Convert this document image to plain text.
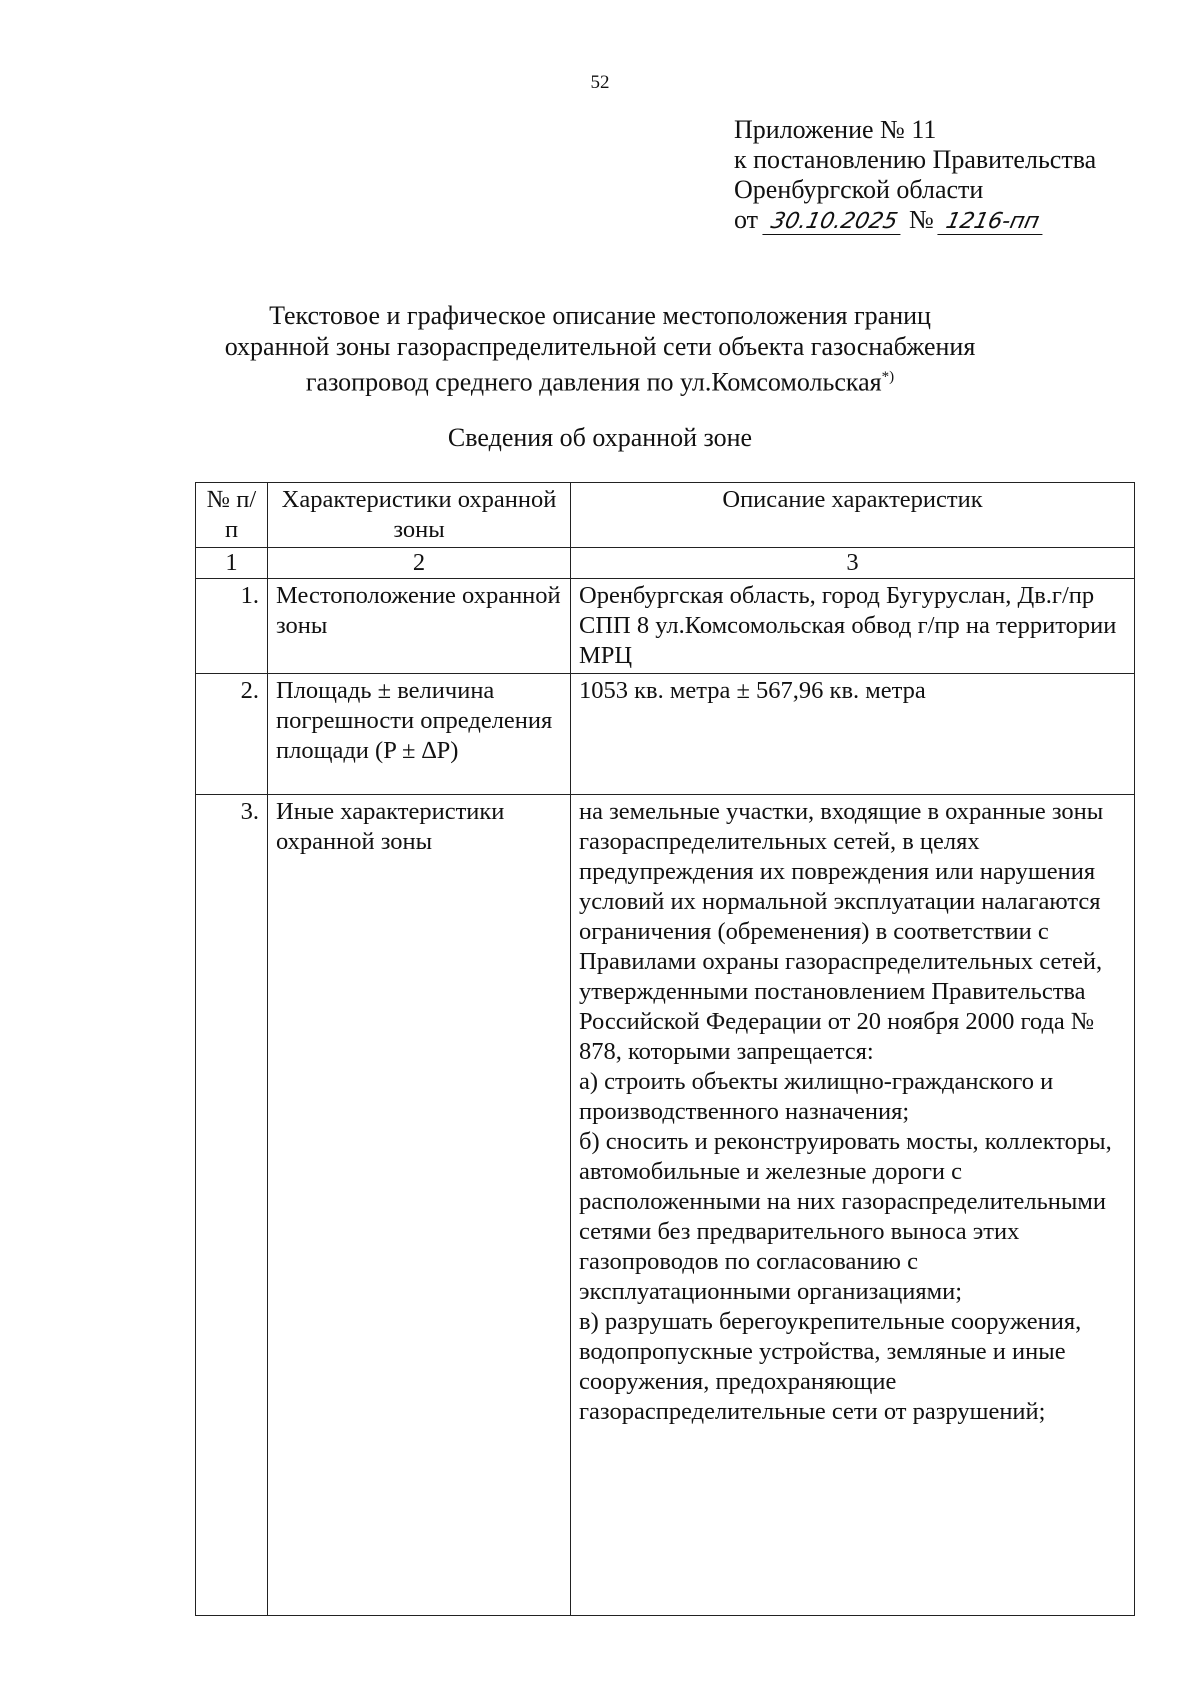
52
Приложение № 11
к постановлению Правительства
Оренбургской области
от 30.10.2025 № 1216-пп
Текстовое и графическое описание местоположения границ
охранной зоны газораспределительной сети объекта газоснабжения
газопровод среднего давления по ул.Комсомольская*)
Сведения об охранной зоне
№ п/п	Характеристики охранной зоны	Описание характеристик
1	2	3
1.	Местоположение охранной зоны	Оренбургская область, город Бугуруслан, Дв.г/пр СПП 8 ул.Комсомольская обвод г/пр на территории МРЦ

2.	Площадь ± величина погрешности определения площади (P ± ∆P)	1053 кв. метра ± 567,96 кв. метра

3.	Иные характеристики охранной зоны	на земельные участки, входящие в охранные зоны газораспределительных сетей, в целях предупреждения их повреждения или нарушения условий их нормальной эксплуатации налагаются ограничения (обременения) в соответствии с Правилами охраны газораспределительных сетей, утвержденными постановлением Правительства Российской Федерации от 20 ноября 2000 года № 878, которыми запрещается:
а) строить объекты жилищно-гражданского и производственного назначения;
б) сносить и реконструировать мосты, коллекторы, автомобильные и железные дороги с расположенными на них газораспределительными сетями без предварительного выноса этих газопроводов по согласованию с эксплуатационными организациями;
в) разрушать берегоукрепительные сооружения, водопропускные устройства, земляные и иные сооружения, предохраняющие газораспределительные сети от разрушений;
